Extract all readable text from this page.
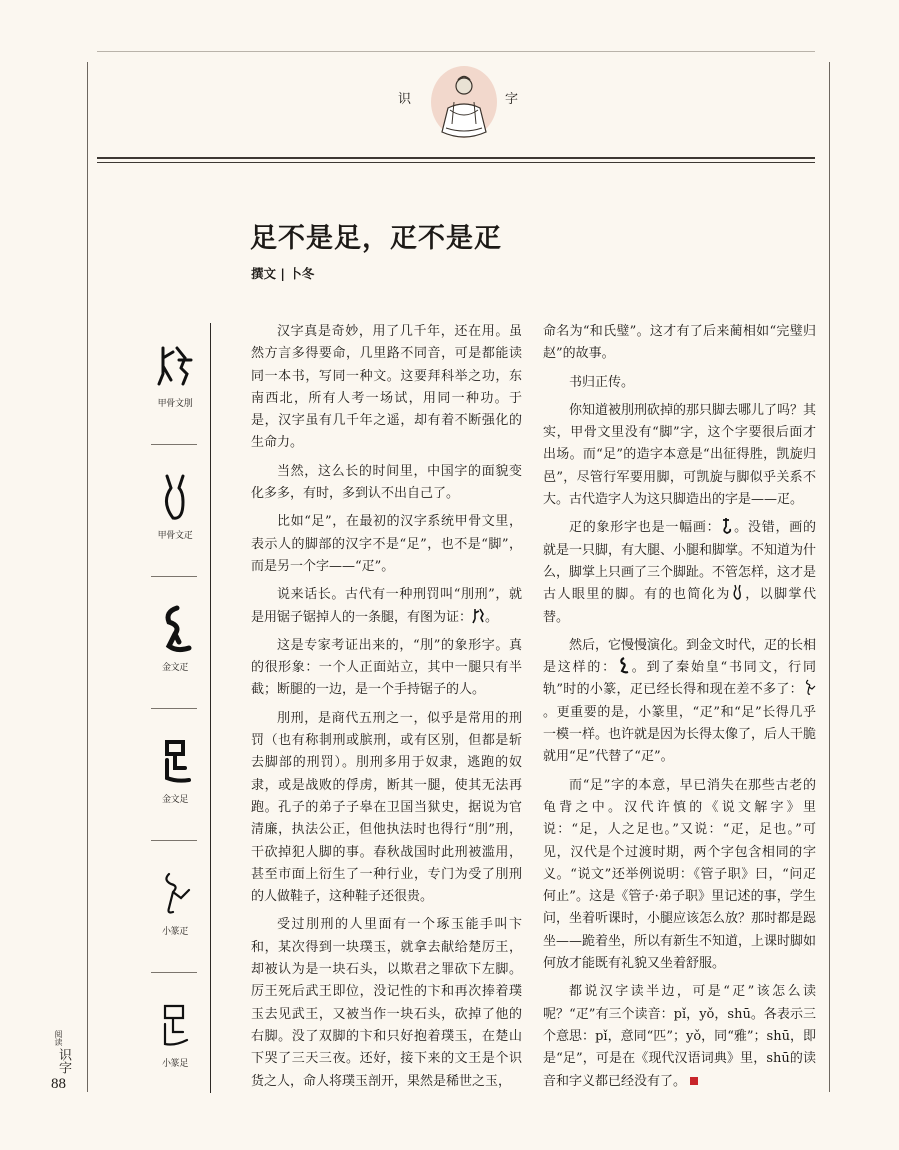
识	字
足不是足，疋不是疋
撰文 | 卜冬
甲骨文刖
甲骨文疋
金文疋
金文足
小篆疋
小篆足

汉字真是奇妙，用了几千年，还在用。虽然方言多得要命，几里路不同音，可是都能读同一本书，写同一种文。这要拜科举之功，东南西北，所有人考一场试，用同一种功。于是，汉字虽有几千年之遥，却有着不断强化的生命力。

当然，这么长的时间里，中国字的面貌变化多多，有时，多到认不出自己了。

比如“足”，在最初的汉字系统甲骨文里，表示人的脚部的汉字不是“足”，也不是“脚”，而是另一个字——“疋”。

说来话长。古代有一种刑罚叫“刖刑”，就是用锯子锯掉人的一条腿，有图为证： 。

这是专家考证出来的，“刖”的象形字。真的很形象：一个人正面站立，其中一腿只有半截；断腿的一边，是一个手持锯子的人。

刖刑，是商代五刑之一，似乎是常用的刑罚（也有称剕刑或膑刑，或有区别，但都是斩去脚部的刑罚）。刖刑多用于奴隶，逃跑的奴隶，或是战败的俘虏，断其一腿，使其无法再跑。孔子的弟子子皋在卫国当狱史，据说为官清廉，执法公正，但他执法时也得行“刖”刑，干砍掉犯人脚的事。春秋战国时此刑被滥用，甚至市面上衍生了一种行业，专门为受了刖刑的人做鞋子，这种鞋子还很贵。

受过刖刑的人里面有一个琢玉能手叫卞和，某次得到一块璞玉，就拿去献给楚厉王，却被认为是一块石头，以欺君之罪砍下左脚。厉王死后武王即位，没记性的卞和再次捧着璞玉去见武王，又被当作一块石头，砍掉了他的右脚。没了双脚的卞和只好抱着璞玉，在楚山下哭了三天三夜。还好，接下来的文王是个识货之人，命人将璞玉剖开，果然是稀世之玉，

命名为“和氏璧”。这才有了后来蔺相如“完璧归赵”的故事。

书归正传。

你知道被刖刑砍掉的那只脚去哪儿了吗？其实，甲骨文里没有“脚”字，这个字要很后面才出场。而“足”的造字本意是“出征得胜，凯旋归邑”，尽管行军要用脚，可凯旋与脚似乎关系不大。古代造字人为这只脚造出的字是——疋。

疋的象形字也是一幅画： 。没错，画的就是一只脚，有大腿、小腿和脚掌。不知道为什么，脚掌上只画了三个脚趾。不管怎样，这才是古人眼里的脚。有的也简化为 ，以脚掌代替。

然后，它慢慢演化。到金文时代，疋的长相是这样的： 。到了秦始皇“书同文，行同轨”时的小篆，疋已经长得和现在差不多了：。更重要的是，小篆里，“疋”和“足”长得几乎一模一样。也许就是因为长得太像了，后人干脆就用“足”代替了“疋”。

而“足”字的本意，早已消失在那些古老的龟背之中。汉代许慎的《说文解字》里说：“足，人之足也。”又说：“疋，足也。”可见，汉代是个过渡时期，两个字包含相同的字义。“说文”还举例说明：《管子职》曰，“问疋何止”。这是《管子·弟子职》里记述的事，学生问，坐着听课时，小腿应该怎么放？那时都是跽坐——跪着坐，所以有新生不知道，上课时脚如何放才能既有礼貌又坐着舒服。

都说汉字读半边，可是“疋”该怎么读呢？“疋”有三个读音：pǐ，yǒ，shū。各表示三个意思：pǐ，意同“匹”；yǒ，同“雅”；shū，即是“足”，可是在《现代汉语词典》里，shū的读音和字义都已经没有了。

阅读
识字
88
